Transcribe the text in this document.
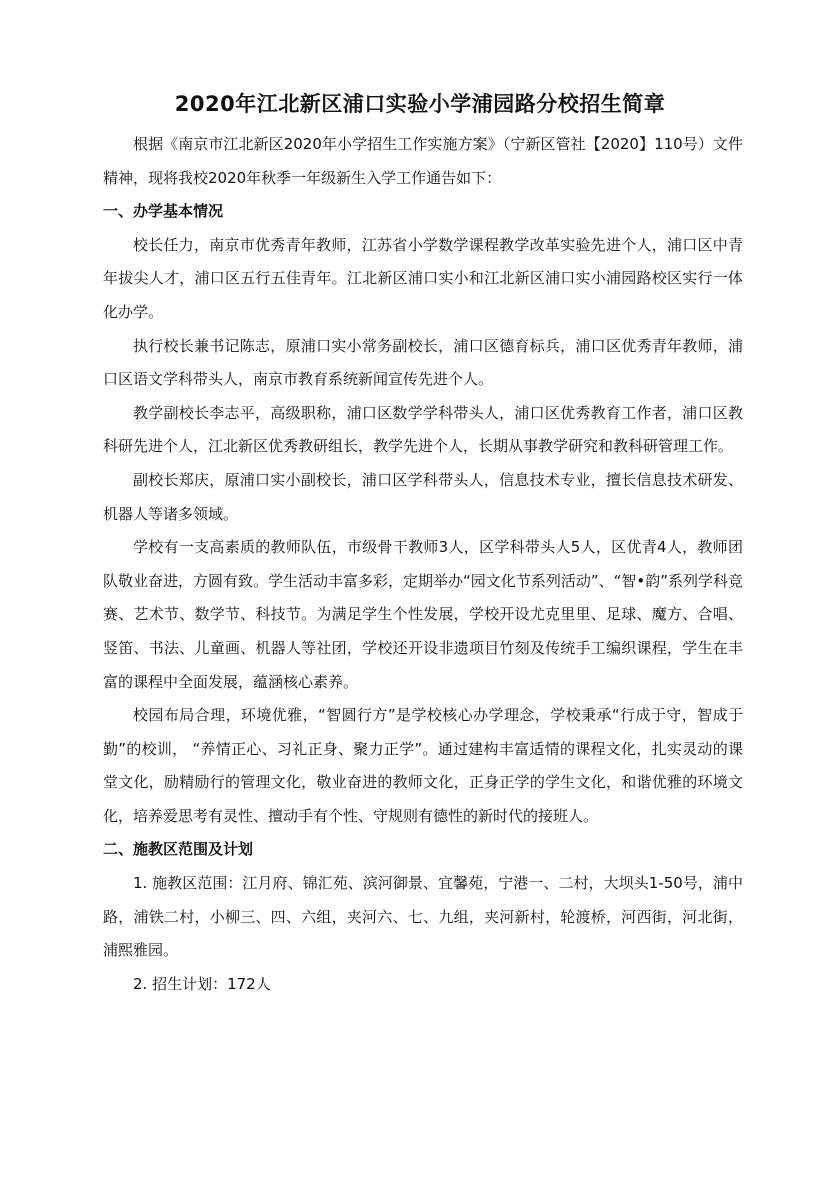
2020年江北新区浦口实验小学浦园路分校招生简章

根据《南京市江北新区2020年小学招生工作实施方案》（宁新区管社【2020】110号）文件精神，现将我校2020年秋季一年级新生入学工作通告如下：

一、办学基本情况

校长任力，南京市优秀青年教师，江苏省小学数学课程教学改革实验先进个人，浦口区中青年拔尖人才，浦口区五行五佳青年。江北新区浦口实小和江北新区浦口实小浦园路校区实行一体化办学。

执行校长兼书记陈志，原浦口实小常务副校长，浦口区德育标兵，浦口区优秀青年教师，浦口区语文学科带头人，南京市教育系统新闻宣传先进个人。

教学副校长李志平，高级职称，浦口区数学学科带头人，浦口区优秀教育工作者，浦口区教科研先进个人，江北新区优秀教研组长，教学先进个人，长期从事教学研究和教科研管理工作。

副校长郑庆，原浦口实小副校长，浦口区学科带头人，信息技术专业，擅长信息技术研发、机器人等诸多领域。

学校有一支高素质的教师队伍，市级骨干教师3人，区学科带头人5人，区优青4人，教师团队敬业奋进，方圆有致。学生活动丰富多彩，定期举办“园文化节系列活动”、“智•韵”系列学科竞赛、艺术节、数学节、科技节。为满足学生个性发展，学校开设尤克里里、足球、魔方、合唱、竖笛、书法、儿童画、机器人等社团，学校还开设非遗项目竹刻及传统手工编织课程，学生在丰富的课程中全面发展，蕴涵核心素养。

校园布局合理，环境优雅，“智圆行方”是学校核心办学理念，学校秉承“行成于守，智成于勤”的校训， “养情正心、习礼正身、聚力正学”。通过建构丰富适情的课程文化，扎实灵动的课堂文化，励精励行的管理文化，敬业奋进的教师文化，正身正学的学生文化，和谐优雅的环境文化，培养爱思考有灵性、擅动手有个性、守规则有德性的新时代的接班人。

二、施教区范围及计划

1. 施教区范围：江月府、锦汇苑、滨河御景、宜馨苑，宁港一、二村，大坝头1-50号，浦中路，浦铁二村，小柳三、四、六组，夹河六、七、九组，夹河新村，轮渡桥，河西街，河北街，浦熙雅园。

2. 招生计划：172人
